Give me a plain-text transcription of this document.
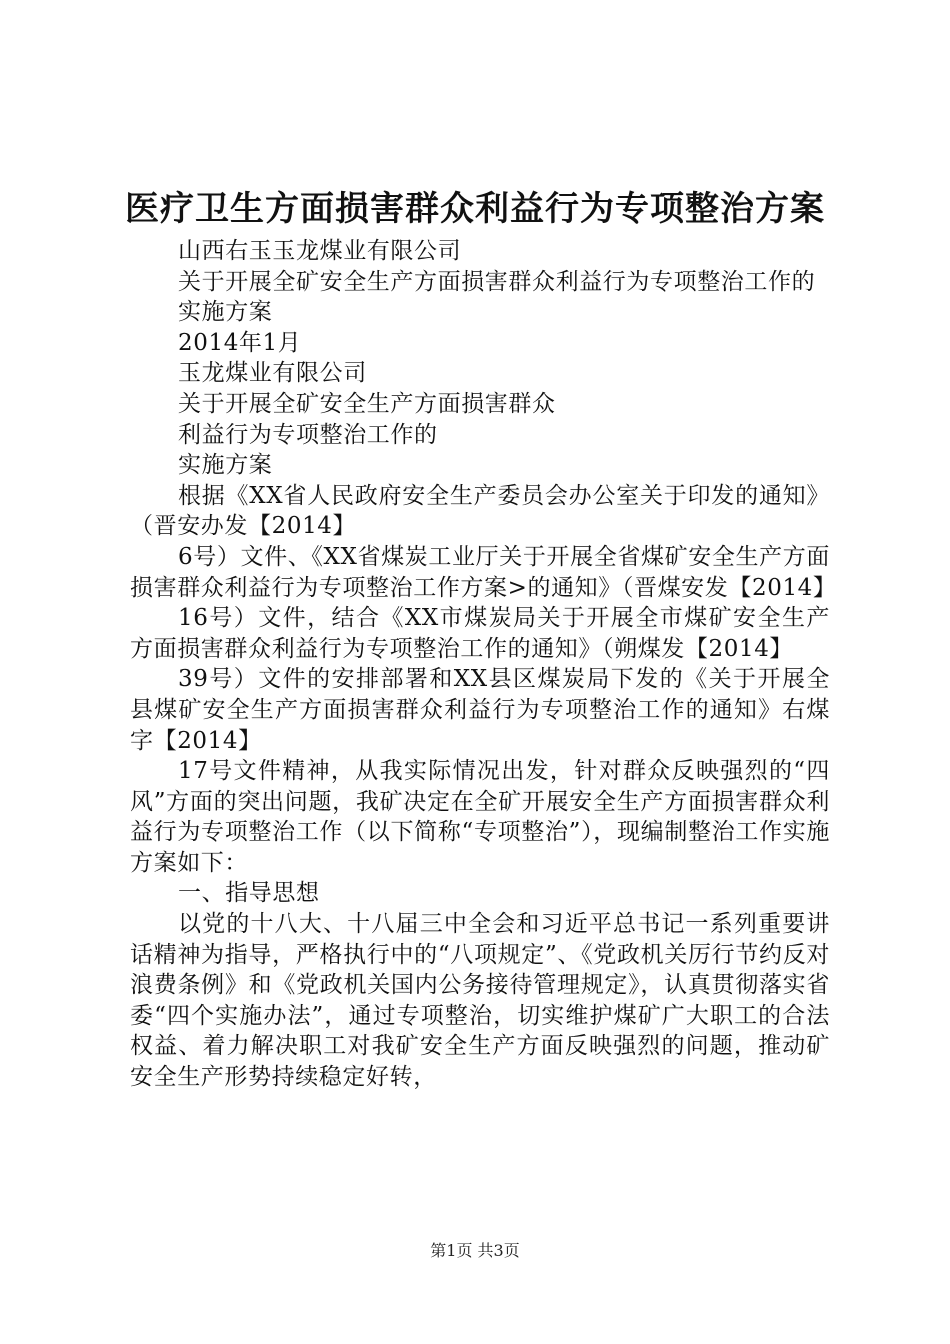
医疗卫生方面损害群众利益行为专项整治方案

山西右玉玉龙煤业有限公司

关于开展全矿安全生产方面损害群众利益行为专项整治工作的

实施方案

2014年1月

玉龙煤业有限公司

关于开展全矿安全生产方面损害群众

利益行为专项整治工作的

实施方案

根据《XX省人民政府安全生产委员会办公室关于印发的通知》（晋安办发【2014】

6号）文件、《XX省煤炭工业厅关于开展全省煤矿安全生产方面损害群众利益行为专项整治工作方案>的通知》（晋煤安发【2014】

16号）文件，结合《XX市煤炭局关于开展全市煤矿安全生产方面损害群众利益行为专项整治工作的通知》（朔煤发【2014】

39号）文件的安排部署和XX县区煤炭局下发的《关于开展全县煤矿安全生产方面损害群众利益行为专项整治工作的通知》右煤字【2014】

17号文件精神，从我实际情况出发，针对群众反映强烈的“四风”方面的突出问题，我矿决定在全矿开展安全生产方面损害群众利益行为专项整治工作（以下简称“专项整治”），现编制整治工作实施方案如下：

一、指导思想

以党的十八大、十八届三中全会和习近平总书记一系列重要讲话精神为指导，严格执行中的“八项规定”、《党政机关厉行节约反对浪费条例》和《党政机关国内公务接待管理规定》，认真贯彻落实省委“四个实施办法”，通过专项整治，切实维护煤矿广大职工的合法权益、着力解决职工对我矿安全生产方面反映强烈的问题，推动矿安全生产形势持续稳定好转，

第1页 共3页
